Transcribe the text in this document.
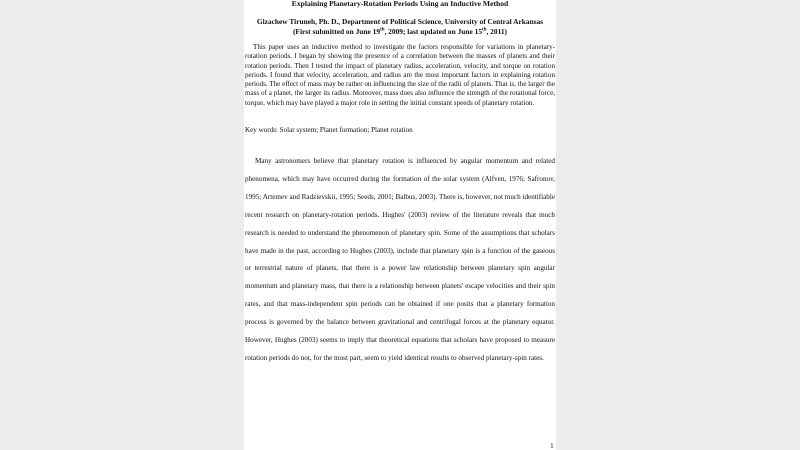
Explaining Planetary-Rotation Periods Using an Inductive Method
Gizachew Tiruneh, Ph. D., Department of Political Science, University of Central Arkansas
(First submitted on June 19th, 2009; last updated on June 15th, 2011)

This paper uses an inductive method to investigate the factors responsible for variations in planetary-rotation periods. I began by showing the presence of a correlation between the masses of planets and their rotation periods. Then I tested the impact of planetary radius, acceleration, velocity, and torque on rotation periods. I found that velocity, acceleration, and radius are the most important factors in explaining rotation periods. The effect of mass may be rather on influencing the size of the radii of planets. That is, the larger the mass of a planet, the larger its radius. Moreover, mass does also influence the strength of the rotational force, torque, which may have played a major role in setting the initial constant speeds of planetary rotation.

Key words: Solar system; Planet formation; Planet rotation

Many astronomers believe that planetary rotation is influenced by angular momentum and related phenomena, which may have occurred during the formation of the solar system (Alfven, 1976; Safronov, 1995; Artemev and Radzievskii, 1995; Seeds, 2001; Balbus, 2003). There is, however, not much identifiable recent research on planetary-rotation periods. Hughes' (2003) review of the literature reveals that much research is needed to understand the phenomenon of planetary spin. Some of the assumptions that scholars have made in the past, according to Hughes (2003), include that planetary spin is a function of the gaseous or terrestrial nature of planets, that there is a power law relationship between planetary spin angular momentum and planetary mass, that there is a relationship between planets' escape velocities and their spin rates, and that mass-independent spin periods can be obtained if one posits that a planetary formation process is governed by the balance between gravitational and centrifugal forces at the planetary equator. However, Hughes (2003) seems to imply that theoretical equations that scholars have proposed to measure rotation periods do not, for the most part, seem to yield identical results to observed planetary-spin rates.

1
